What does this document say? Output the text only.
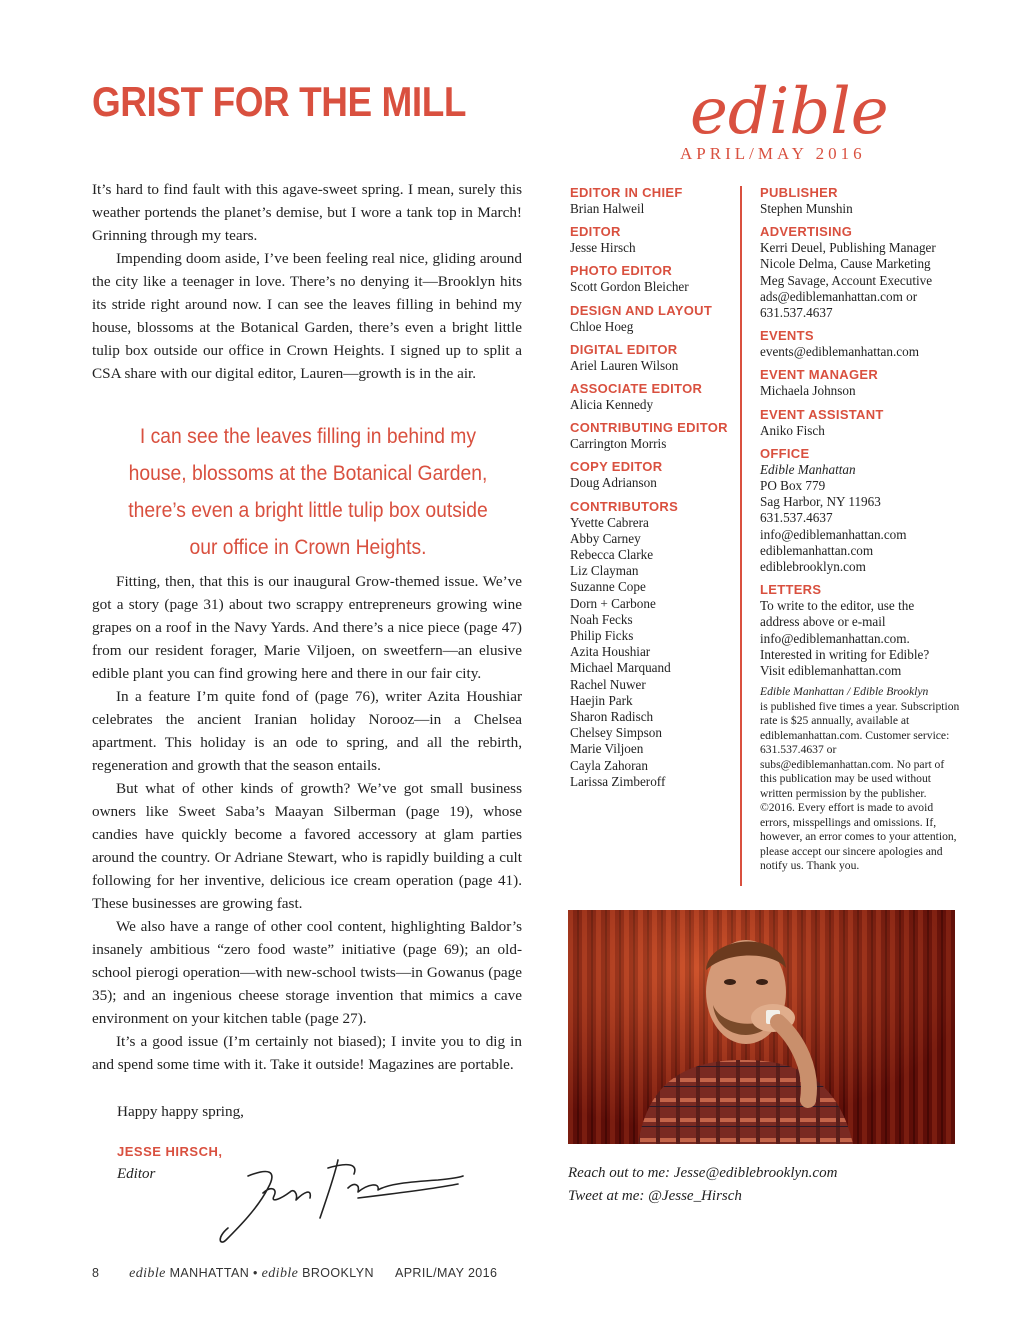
GRIST FOR THE MILL	edible
APRIL/MAY 2016

It’s hard to find fault with this agave-sweet spring. I mean, surely this weather portends the planet’s demise, but I wore a tank top in March! Grinning through my tears.

Impending doom aside, I’ve been feeling real nice, gliding around the city like a teenager in love. There’s no denying it—Brooklyn hits its stride right around now. I can see the leaves filling in behind my house, blossoms at the Botanical Garden, there’s even a bright little tulip box outside our office in Crown Heights. I signed up to split a CSA share with our digital editor, Lauren—growth is in the air.

I can see the leaves filling in behind my house, blossoms at the Botanical Garden, there’s even a bright little tulip box outside our office in Crown Heights.

Fitting, then, that this is our inaugural Grow-themed issue. We’ve got a story (page 31) about two scrappy entrepreneurs growing wine grapes on a roof in the Navy Yards. And there’s a nice piece (page 47) from our resident forager, Marie Viljoen, on sweetfern—an elusive edible plant you can find growing here and there in our fair city.

In a feature I’m quite fond of (page 76), writer Azita Houshiar celebrates the ancient Iranian holiday Norooz—in a Chelsea apartment. This holiday is an ode to spring, and all the rebirth, regeneration and growth that the season entails.

But what of other kinds of growth? We’ve got small business owners like Sweet Saba’s Maayan Silberman (page 19), whose candies have quickly become a favored accessory at glam parties around the country. Or Adriane Stewart, who is rapidly building a cult following for her inventive, delicious ice cream operation (page 41). These businesses are growing fast.

We also have a range of other cool content, highlighting Baldor’s insanely ambitious “zero food waste” initiative (page 69); an old-school pierogi operation—with new-school twists—in Gowanus (page 35); and an ingenious cheese storage invention that mimics a cave environment on your kitchen table (page 27).

It’s a good issue (I’m certainly not biased); I invite you to dig in and spend some time with it. Take it outside! Magazines are portable.

Happy happy spring,
JESSE HIRSCH,
Editor
EDITOR IN CHIEF
Brian Halweil
EDITOR
Jesse Hirsch
PHOTO EDITOR
Scott Gordon Bleicher
DESIGN AND LAYOUT
Chloe Hoeg
DIGITAL EDITOR
Ariel Lauren Wilson
ASSOCIATE EDITOR
Alicia Kennedy
CONTRIBUTING EDITOR
Carrington Morris
COPY EDITOR
Doug Adrianson
CONTRIBUTORS
Yvette Cabrera
Abby Carney
Rebecca Clarke
Liz Clayman
Suzanne Cope
Dorn + Carbone
Noah Fecks
Philip Ficks
Azita Houshiar
Michael Marquand
Rachel Nuwer
Haejin Park
Sharon Radisch
Chelsey Simpson
Marie Viljoen
Cayla Zahoran
Larissa Zimberoff
PUBLISHER
Stephen Munshin
ADVERTISING
Kerri Deuel, Publishing Manager
Nicole Delma, Cause Marketing
Meg Savage, Account Executive
ads@ediblemanhattan.com or
631.537.4637
EVENTS
events@ediblemanhattan.com
EVENT MANAGER
Michaela Johnson
EVENT ASSISTANT
Aniko Fisch
OFFICE
Edible Manhattan
PO Box 779
Sag Harbor, NY 11963
631.537.4637
info@ediblemanhattan.com
ediblemanhattan.com
ediblebrooklyn.com
LETTERS
To write to the editor, use the
address above or e-mail
info@ediblemanhattan.com.
Interested in writing for Edible?
Visit ediblemanhattan.com
Edible Manhattan / Edible Brooklyn
is published five times a year. Subscription rate is $25 annually, available at ediblemanhattan.com. Customer service: 631.537.4637 or subs@ediblemanhattan.com. No part of this publication may be used without written permission by the publisher. ©2016. Every effort is made to avoid errors, misspellings and omissions. If, however, an error comes to your attention, please accept our sincere apologies and notify us. Thank you.
Reach out to me: Jesse@ediblebrooklyn.com
Tweet at me: @Jesse_Hirsch
8 edible MANHATTAN • edible BROOKLYN APRIL/MAY 2016
